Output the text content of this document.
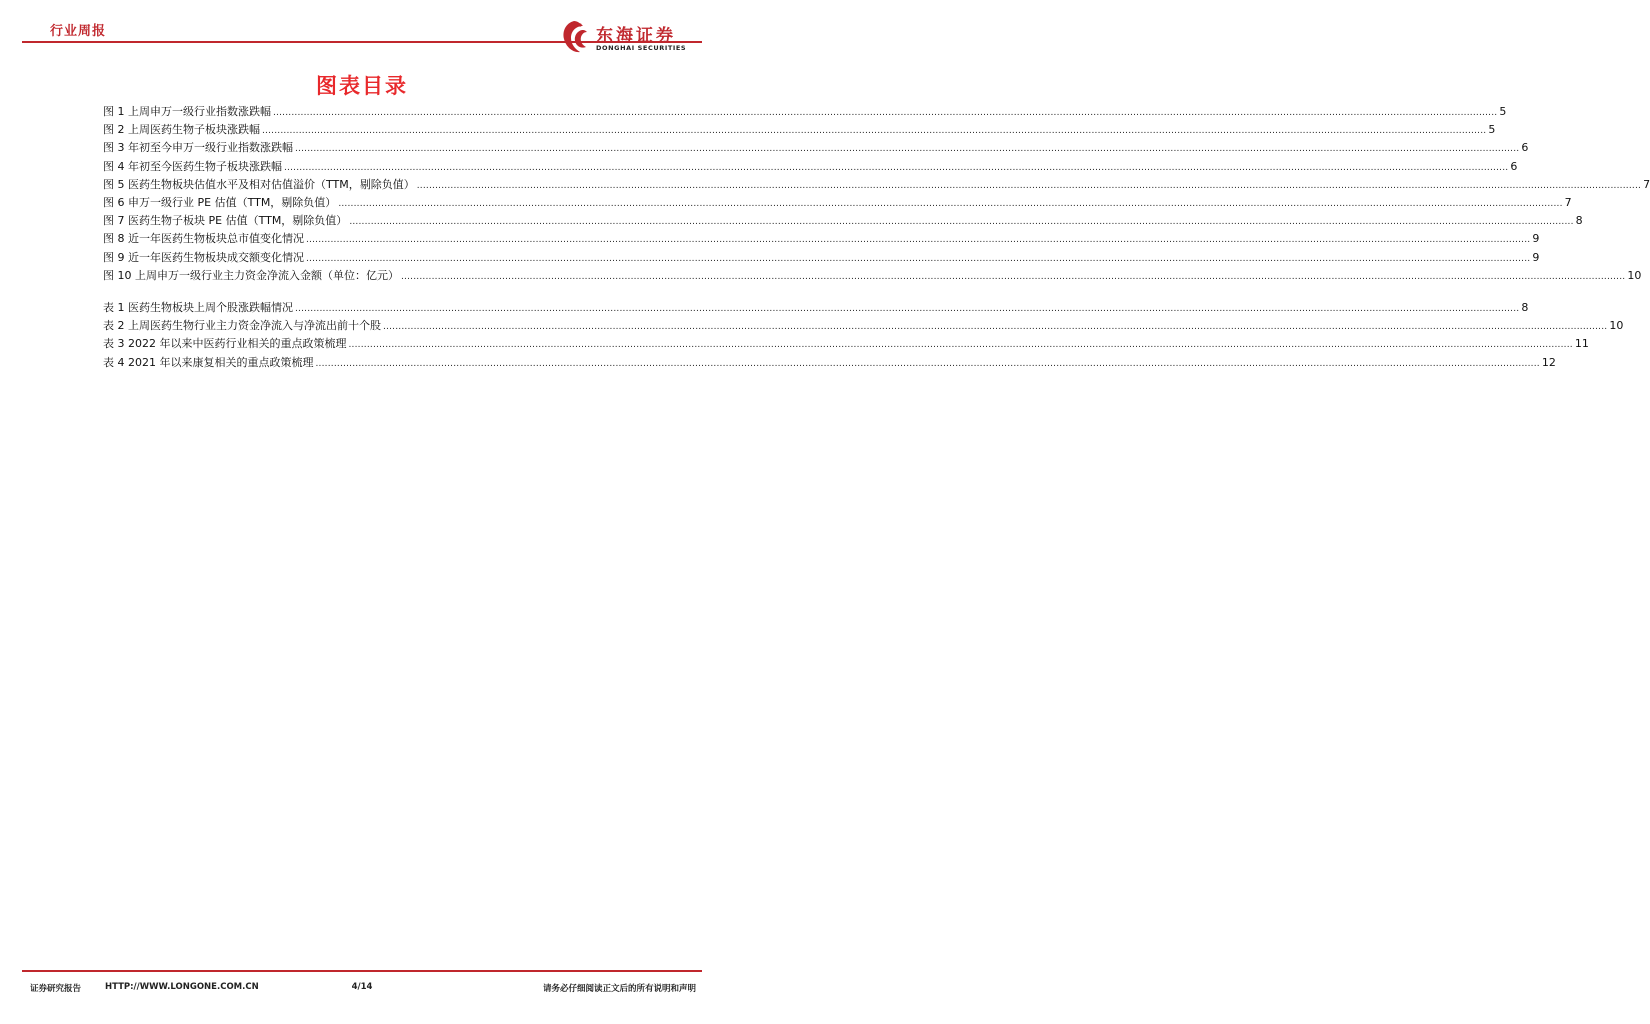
行业周报	东海证券
DONGHAI SECURITIES
图表目录
图 1 上周申万一级行业指数涨跌幅 ................................................................................................................................................................................................................................................................................................................................................................................................................ 5
图 2 上周医药生物子板块涨跌幅 ................................................................................................................................................................................................................................................................................................................................................................................................................ 5
图 3 年初至今申万一级行业指数涨跌幅 ................................................................................................................................................................................................................................................................................................................................................................................................................ 6
图 4 年初至今医药生物子板块涨跌幅 ................................................................................................................................................................................................................................................................................................................................................................................................................ 6
图 5 医药生物板块估值水平及相对估值溢价（TTM，剔除负值） ................................................................................................................................................................................................................................................................................................................................................................................................................ 7
图 6 申万一级行业 PE 估值（TTM，剔除负值） ................................................................................................................................................................................................................................................................................................................................................................................................................ 7
图 7 医药生物子板块 PE 估值（TTM，剔除负值） ................................................................................................................................................................................................................................................................................................................................................................................................................ 8
图 8 近一年医药生物板块总市值变化情况 ................................................................................................................................................................................................................................................................................................................................................................................................................ 9
图 9 近一年医药生物板块成交额变化情况 ................................................................................................................................................................................................................................................................................................................................................................................................................ 9
图 10 上周申万一级行业主力资金净流入金额（单位：亿元） ................................................................................................................................................................................................................................................................................................................................................................................................................ 10
表 1 医药生物板块上周个股涨跌幅情况 ................................................................................................................................................................................................................................................................................................................................................................................................................ 8
表 2 上周医药生物行业主力资金净流入与净流出前十个股 ................................................................................................................................................................................................................................................................................................................................................................................................................ 10
表 3 2022 年以来中医药行业相关的重点政策梳理 ................................................................................................................................................................................................................................................................................................................................................................................................................ 11
表 4 2021 年以来康复相关的重点政策梳理 ................................................................................................................................................................................................................................................................................................................................................................................................................ 12
证券研究报告	HTTP://WWW.LONGONE.COM.CN	4/14	请务必仔细阅读正文后的所有说明和声明
